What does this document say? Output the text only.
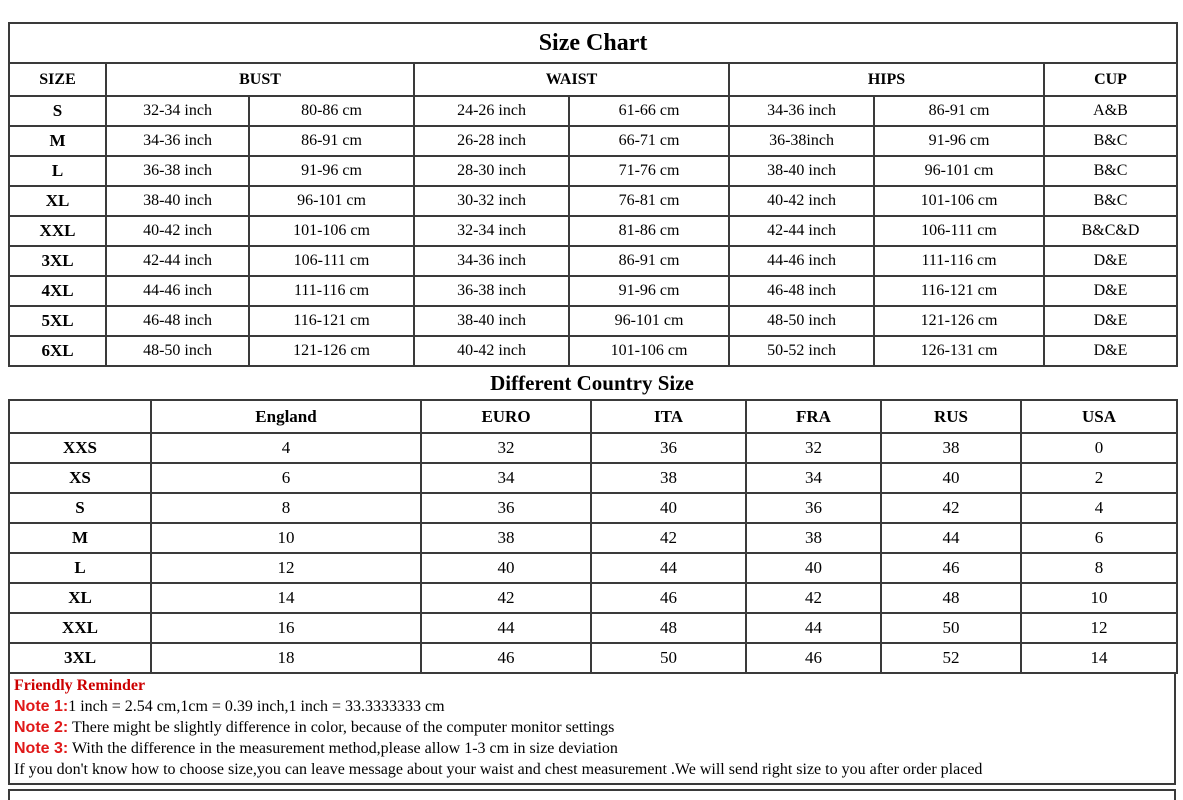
Size Chart							
SIZE	BUST		WAIST		HIPS		CUP
S	32-34 inch	80-86 cm	24-26 inch	61-66 cm	34-36 inch	86-91 cm	A&B
M	34-36 inch	86-91 cm	26-28 inch	66-71 cm	36-38inch	91-96 cm	B&C
L	36-38 inch	91-96 cm	28-30 inch	71-76 cm	38-40 inch	96-101 cm	B&C
XL	38-40 inch	96-101 cm	30-32 inch	76-81 cm	40-42 inch	101-106 cm	B&C
XXL	40-42 inch	101-106 cm	32-34 inch	81-86 cm	42-44 inch	106-111 cm	B&C&D
3XL	42-44 inch	106-111 cm	34-36 inch	86-91 cm	44-46 inch	111-116 cm	D&E
4XL	44-46 inch	111-116 cm	36-38 inch	91-96 cm	46-48 inch	116-121 cm	D&E
5XL	46-48 inch	116-121 cm	38-40 inch	96-101 cm	48-50 inch	121-126 cm	D&E
6XL	48-50 inch	121-126 cm	40-42 inch	101-106 cm	50-52 inch	126-131 cm	D&E
Different Country Size
	England	EURO	ITA	FRA	RUS	USA
XXS	4	32	36	32	38	0
XS	6	34	38	34	40	2
S	8	36	40	36	42	4
M	10	38	42	38	44	6
L	12	40	44	40	46	8
XL	14	42	46	42	48	10
XXL	16	44	48	44	50	12
3XL	18	46	50	46	52	14
Friendly Reminder
Note 1:1 inch = 2.54 cm,1cm = 0.39 inch,1 inch = 33.3333333 cm
Note 2: There might be slightly difference in color, because of the computer monitor settings
Note 3: With the difference in the measurement method,please allow 1-3 cm in size deviation
If you don't know how to choose size,you can leave message about your waist and chest measurement .We will send right size to you after order placed
